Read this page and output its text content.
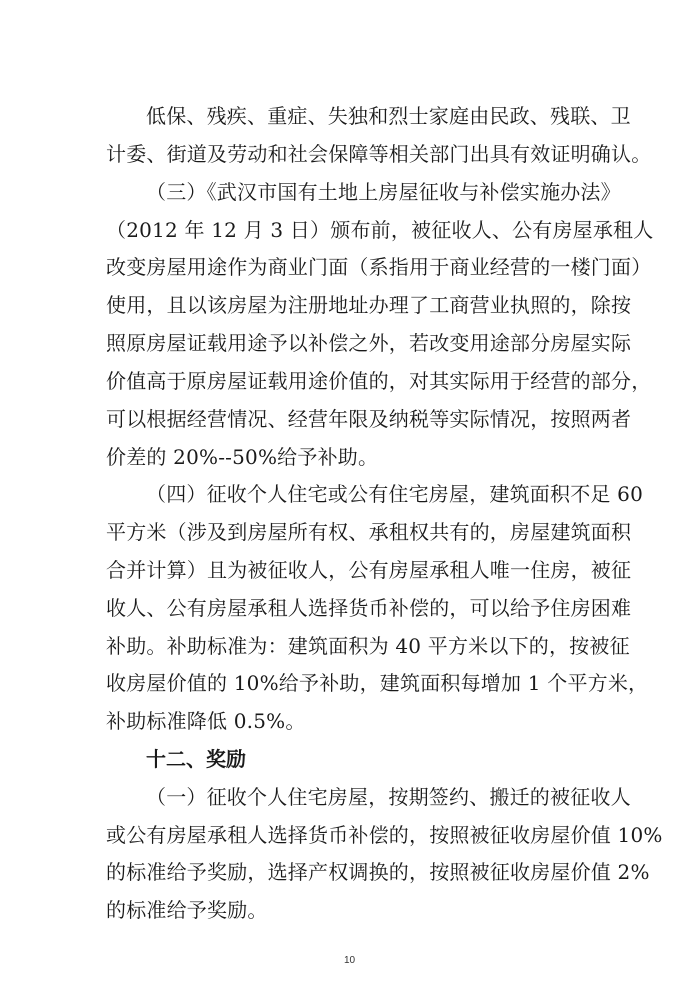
低保、残疾、重症、失独和烈士家庭由民政、残联、卫
计委、街道及劳动和社会保障等相关部门出具有效证明确认。
（三）《武汉市国有土地上房屋征收与补偿实施办法》
（2012 年 12 月 3 日）颁布前，被征收人、公有房屋承租人
改变房屋用途作为商业门面（系指用于商业经营的一楼门面）
使用，且以该房屋为注册地址办理了工商营业执照的，除按
照原房屋证载用途予以补偿之外，若改变用途部分房屋实际
价值高于原房屋证载用途价值的，对其实际用于经营的部分，
可以根据经营情况、经营年限及纳税等实际情况，按照两者
价差的 20%--50%给予补助。
（四）征收个人住宅或公有住宅房屋，建筑面积不足 60
平方米（涉及到房屋所有权、承租权共有的，房屋建筑面积
合并计算）且为被征收人，公有房屋承租人唯一住房，被征
收人、公有房屋承租人选择货币补偿的，可以给予住房困难
补助。补助标准为：建筑面积为 40 平方米以下的，按被征
收房屋价值的 10%给予补助，建筑面积每增加 1 个平方米，
补助标准降低 0.5%。
十二、奖励
（一）征收个人住宅房屋，按期签约、搬迁的被征收人
或公有房屋承租人选择货币补偿的，按照被征收房屋价值 10%
的标准给予奖励，选择产权调换的，按照被征收房屋价值 2%
的标准给予奖励。
10
